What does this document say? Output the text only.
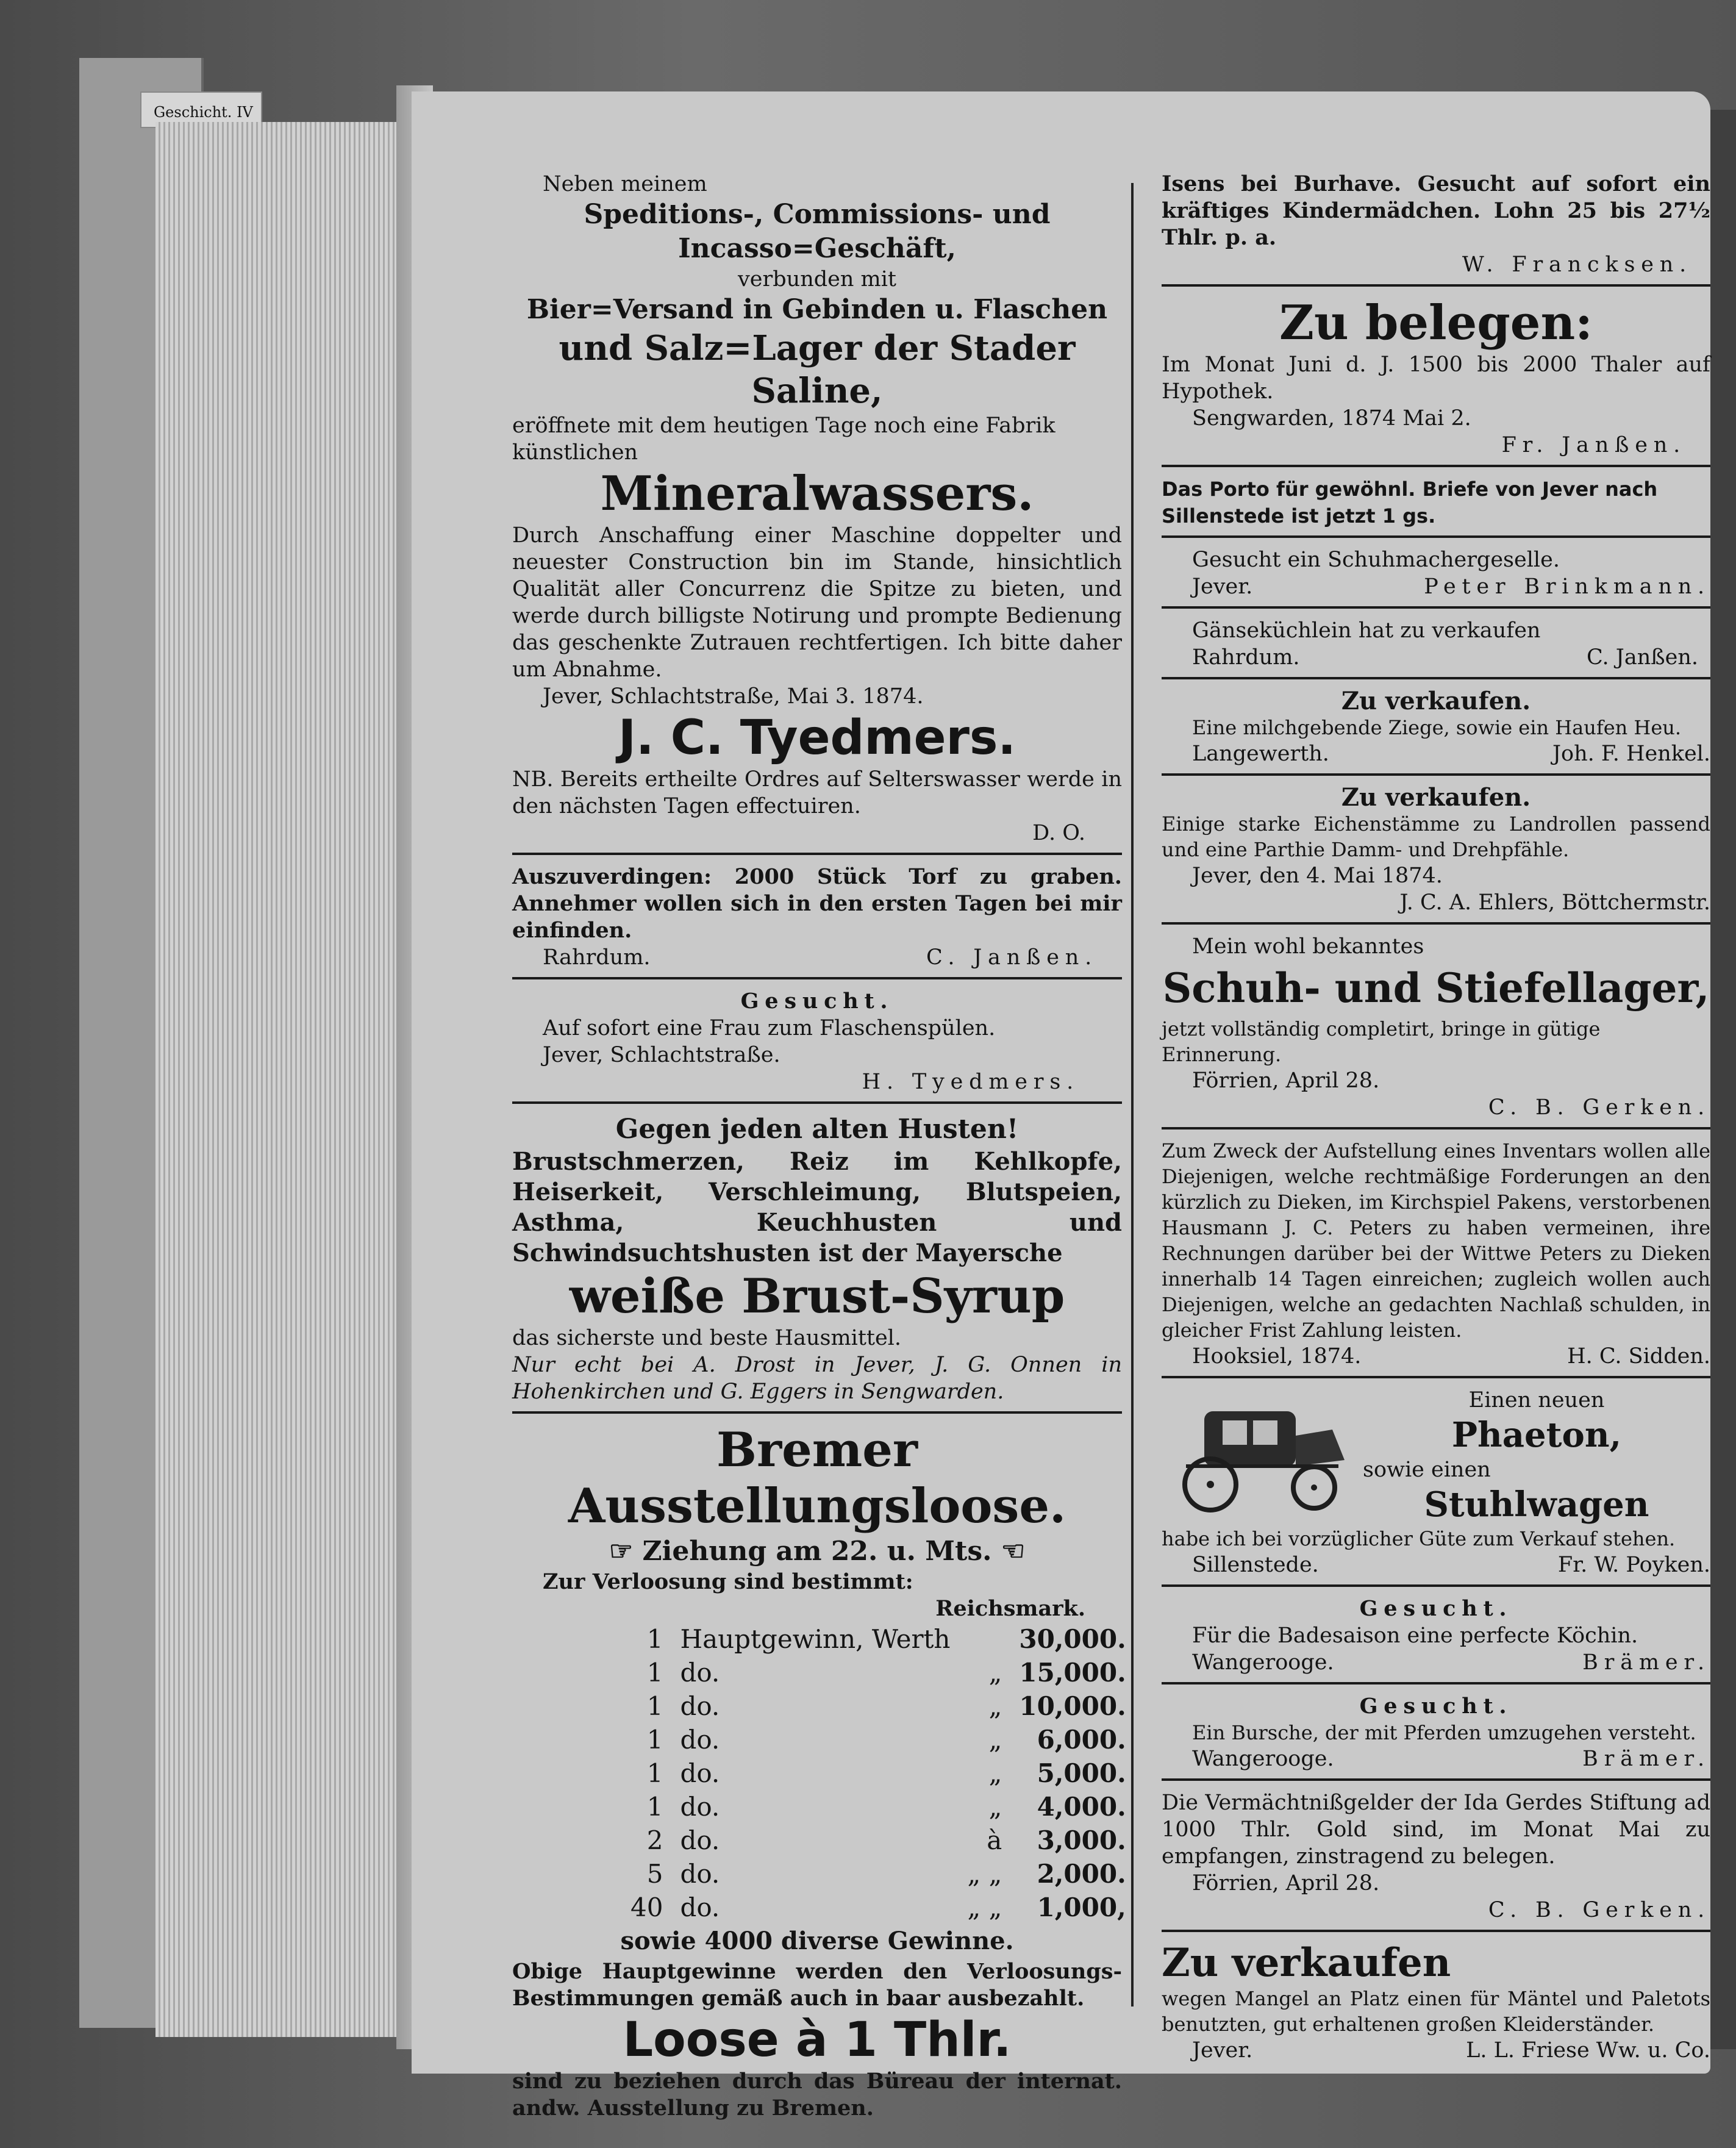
Geschicht. IV

Neben meinem

Speditions-, Commissions- und

Incasso=Geschäft,

verbunden mit

Bier=Versand in Gebinden u. Flaschen

und Salz=Lager der Stader

Saline,

eröffnete mit dem heutigen Tage noch eine Fabrik

künstlichen

Mineralwassers.

Durch Anschaffung einer Maschine doppelter und neuester Construction bin im Stande, hinsichtlich Qualität aller Concurrenz die Spitze zu bieten, und werde durch billigste Notirung und prompte Bedienung das geschenkte Zutrauen rechtfertigen. Ich bitte daher um Abnahme.

Jever, Schlachtstraße, Mai 3. 1874.

J. C. Tyedmers.

NB. Bereits ertheilte Ordres auf Selterswasser werde in den nächsten Tagen effectuiren.

D. O.

Auszuverdingen: 2000 Stück Torf zu graben. Annehmer wollen sich in den ersten Tagen bei mir einfinden.

Rahrdum.	C. Janßen.

Gesucht.

Auf sofort eine Frau zum Flaschenspülen.

Jever, Schlachtstraße.

H. Tyedmers.

Gegen jeden alten Husten!

Brustschmerzen, Reiz im Kehlkopfe, Heiserkeit, Verschleimung, Blutspeien, Asthma, Keuchhusten und Schwindsuchtshusten ist der Mayersche

weiße Brust-Syrup

das sicherste und beste Hausmittel.

Nur echt bei A. Drost in Jever, J. G. Onnen in Hohenkirchen und G. Eggers in Sengwarden.

Bremer Ausstellungsloose.

☞ Ziehung am 22. u. Mts. ☜

Zur Verloosung sind bestimmt:

Reichsmark.

1	Hauptgewinn, Werth		30,000.
1	do.	„	15,000.
1	do.	„	10,000.
1	do.	„	6,000.
1	do.	„	5,000.
1	do.	„	4,000.
2	do.	à	3,000.
5	do.	„ „	2,000.
40	do.	„ „	1,000,

sowie 4000 diverse Gewinne.

Obige Hauptgewinne werden den Verloosungs-Bestimmungen gemäß auch in baar ausbezahlt.

Loose à 1 Thlr.

sind zu beziehen durch das Büreau der internat. andw. Ausstellung zu Bremen.

Isens bei Burhave. Gesucht auf sofort ein kräftiges Kindermädchen. Lohn 25 bis 27½ Thlr. p. a.

W. Francksen.

Zu belegen:

Im Monat Juni d. J. 1500 bis 2000 Thaler auf Hypothek.

Sengwarden, 1874 Mai 2.

Fr. Janßen.

Das Porto für gewöhnl. Briefe von Jever nach Sillenstede ist jetzt 1 gs.

Gesucht ein Schuhmachergeselle.

Jever.	Peter Brinkmann.

Gänseküchlein hat zu verkaufen

Rahrdum.	C. Janßen.

Zu verkaufen.

Eine milchgebende Ziege, sowie ein Haufen Heu.

Langewerth.	Joh. F. Henkel.

Zu verkaufen.

Einige starke Eichenstämme zu Landrollen passend und eine Parthie Damm- und Drehpfähle.

Jever, den 4. Mai 1874.

J. C. A. Ehlers, Böttchermstr.

Mein wohl bekanntes

Schuh- und Stiefellager,

jetzt vollständig completirt, bringe in gütige Erinnerung.

Förrien, April 28.

C. B. Gerken.

Zum Zweck der Aufstellung eines Inventars wollen alle Diejenigen, welche rechtmäßige Forderungen an den kürzlich zu Dieken, im Kirchspiel Pakens, verstorbenen Hausmann J. C. Peters zu haben vermeinen, ihre Rechnungen darüber bei der Wittwe Peters zu Dieken innerhalb 14 Tagen einreichen; zugleich wollen auch Diejenigen, welche an gedachten Nachlaß schulden, in gleicher Frist Zahlung leisten.

Hooksiel, 1874.	H. C. Sidden.

Einen neuen

Phaeton,

sowie einen

Stuhlwagen

habe ich bei vorzüglicher Güte zum Verkauf stehen.

Sillenstede.	Fr. W. Poyken.

Gesucht.

Für die Badesaison eine perfecte Köchin.

Wangerooge.	Brämer.

Gesucht.

Ein Bursche, der mit Pferden umzugehen versteht.

Wangerooge.	Brämer.

Die Vermächtnißgelder der Ida Gerdes Stiftung ad 1000 Thlr. Gold sind, im Monat Mai zu empfangen, zinstragend zu belegen.

Förrien, April 28.

C. B. Gerken.

Zu verkaufen

wegen Mangel an Platz einen für Mäntel und Paletots benutzten, gut erhaltenen großen Kleiderständer.

Jever.	L. L. Friese Ww. u. Co.
